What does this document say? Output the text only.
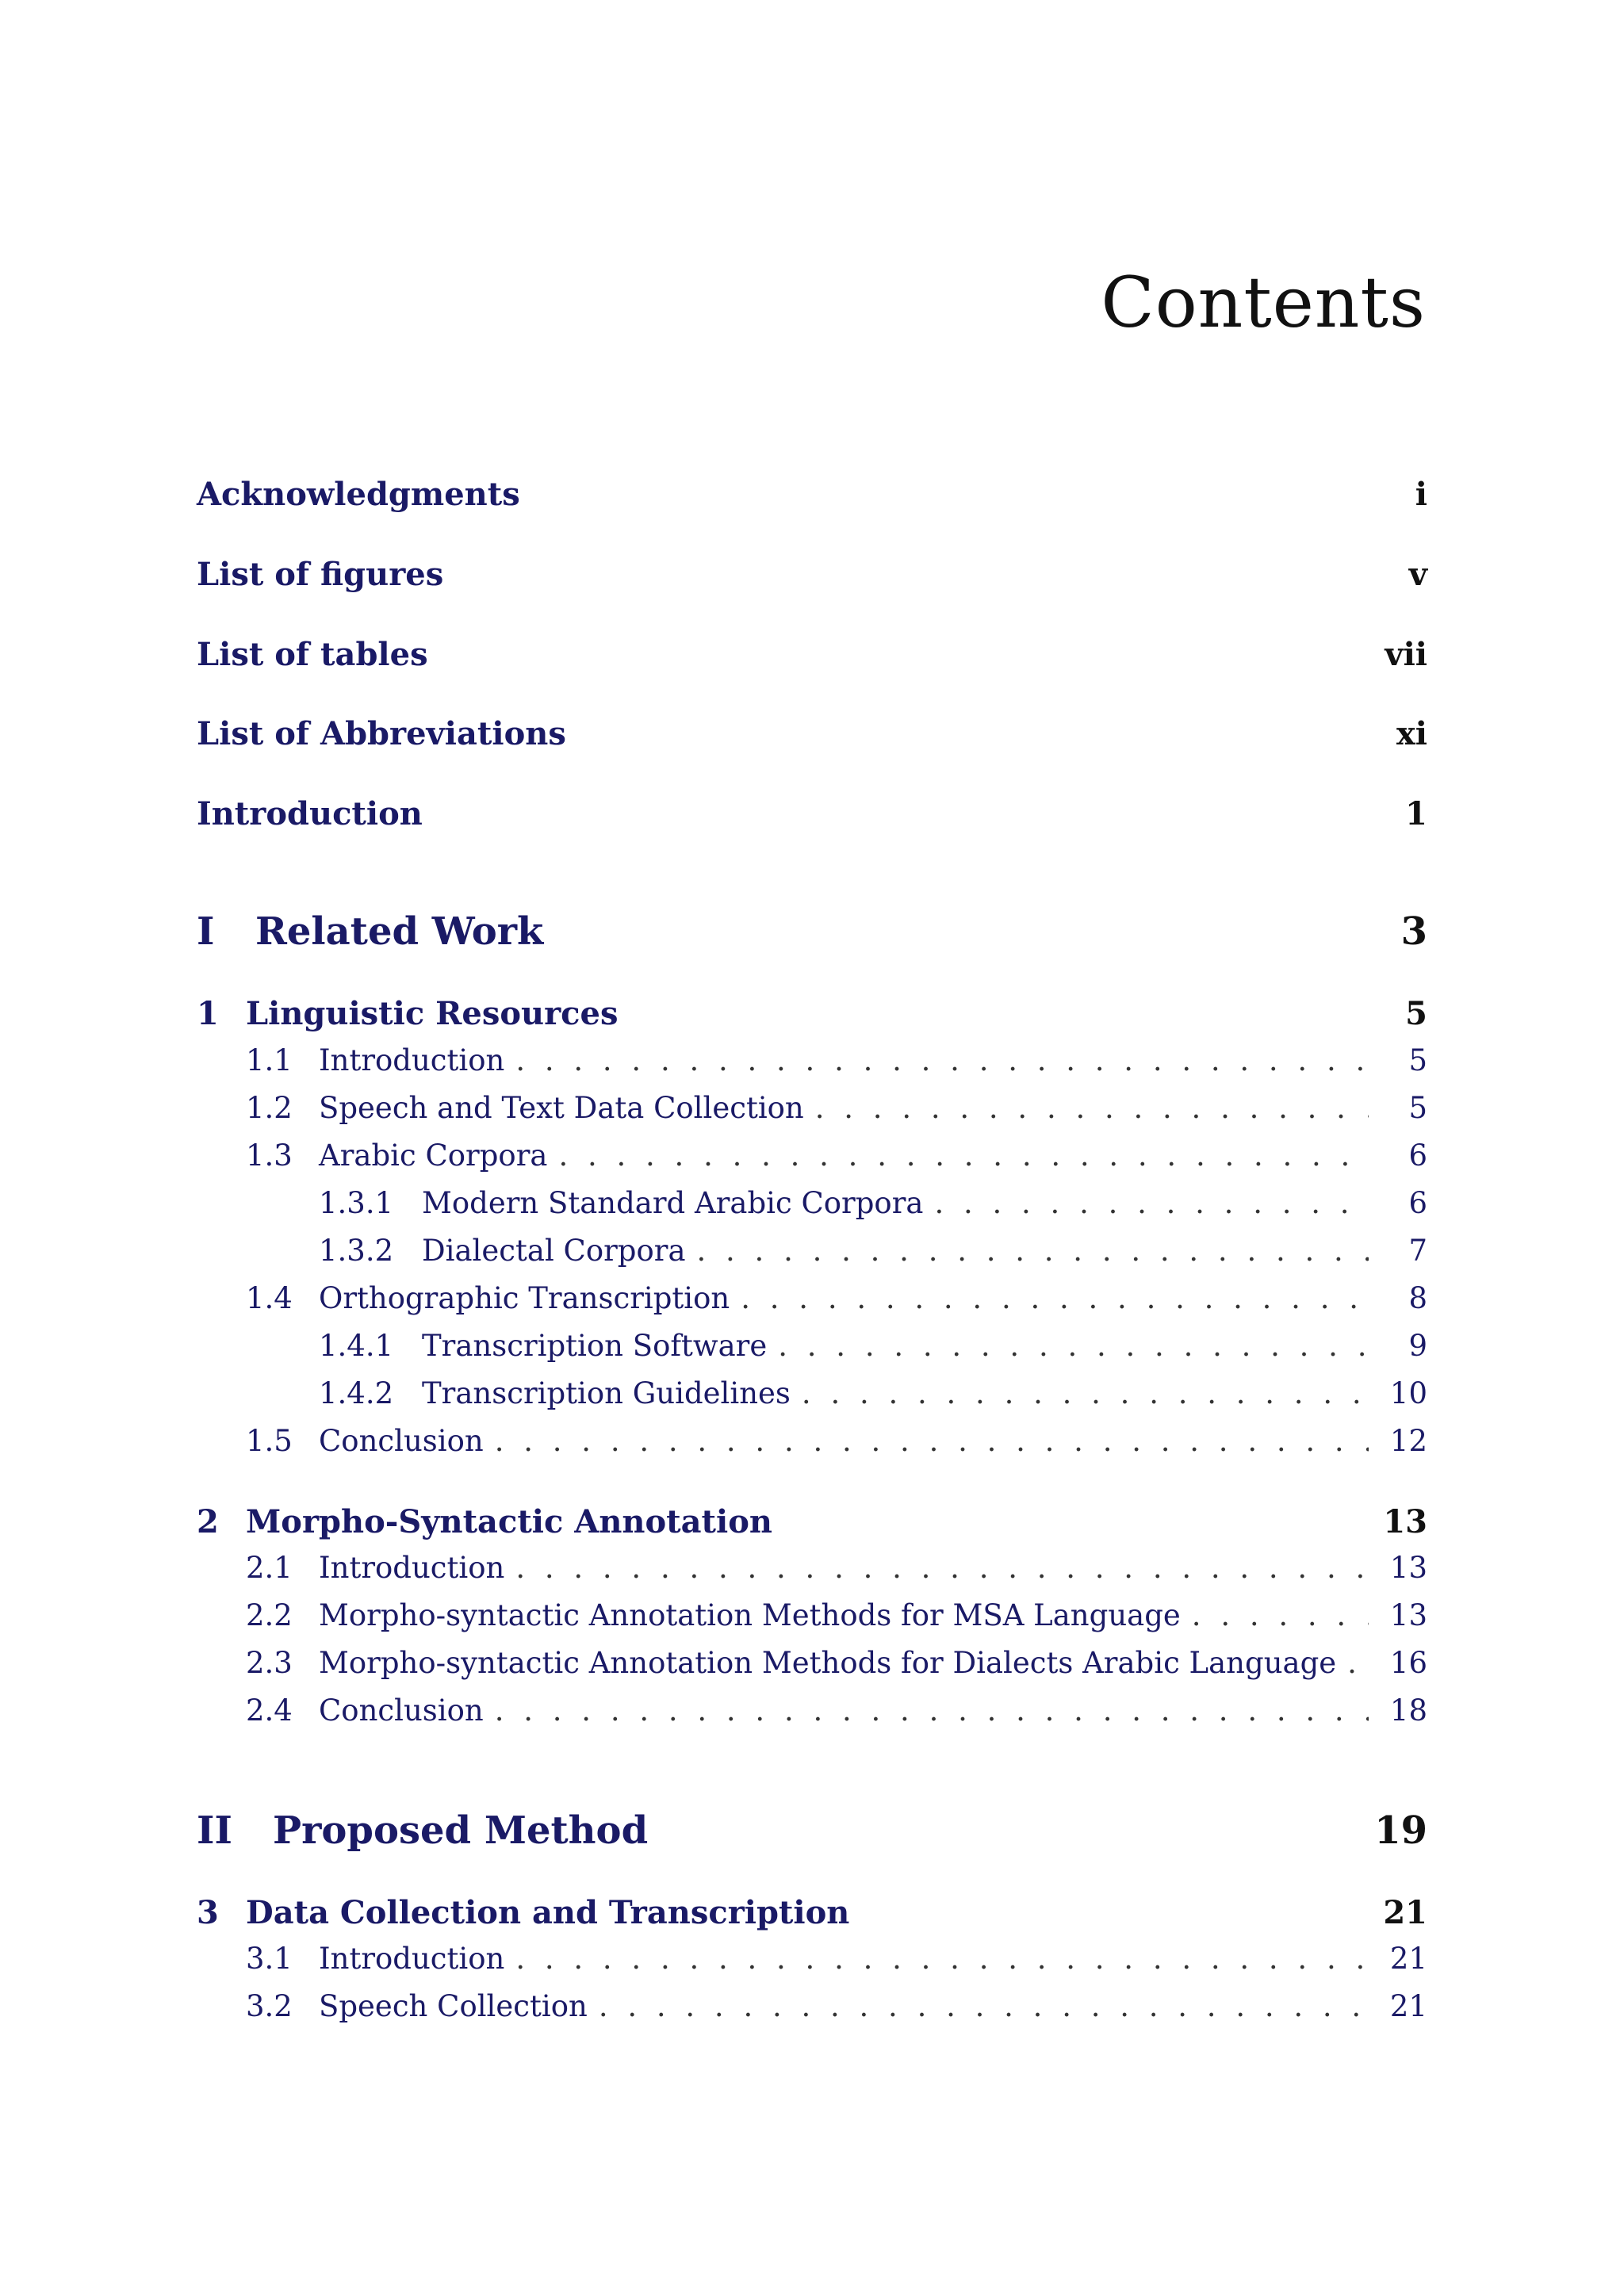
Contents
Acknowledgments	i
List of figures	v
List of tables	vii
List of Abbreviations	xi
Introduction	1
I Related Work	3
1 Linguistic Resources	5
1.1 Introduction . . .	5
1.2 Speech and Text Data Collection . . .	5
1.3 Arabic Corpora . . .	6
1.3.1 Modern Standard Arabic Corpora . . .	6
1.3.2 Dialectal Corpora . . .	7
1.4 Orthographic Transcription . . .	8
1.4.1 Transcription Software . . .	9
1.4.2 Transcription Guidelines . . .	10
1.5 Conclusion . . .	12
2 Morpho-Syntactic Annotation	13
2.1 Introduction . . .	13
2.2 Morpho-syntactic Annotation Methods for MSA Language . . .	13
2.3 Morpho-syntactic Annotation Methods for Dialects Arabic Language . . . 16
2.4 Conclusion . . .	18
II Proposed Method	19
3 Data Collection and Transcription	21
3.1 Introduction . . .	21
3.2 Speech Collection . . .	21
